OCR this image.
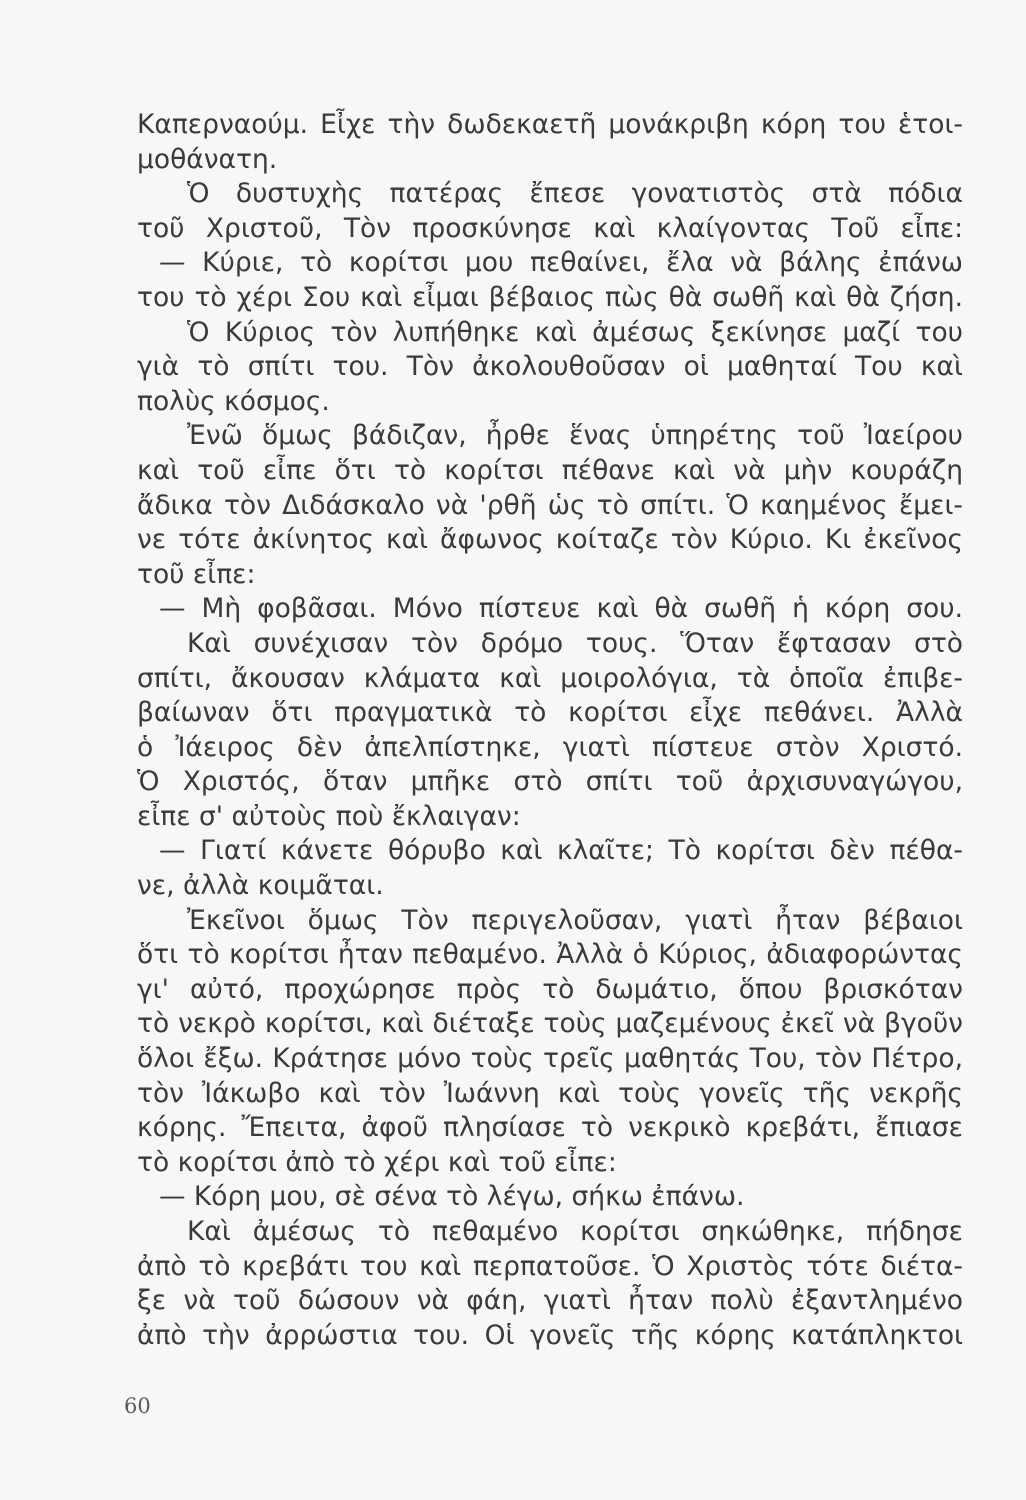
Καπερναούμ. Εἶχε τὴν δωδεκαετῆ μονάκριβη κόρη του ἑτοι-
μοθάνατη.
Ὁ δυστυχὴς πατέρας ἔπεσε γονατιστὸς στὰ πόδια
τοῦ Χριστοῦ, Τὸν προσκύνησε καὶ κλαίγοντας Τοῦ εἶπε:
— Κύριε, τὸ κορίτσι μου πεθαίνει, ἔλα νὰ βάλης ἐπάνω
του τὸ χέρι Σου καὶ εἶμαι βέβαιος πὼς θὰ σωθῆ καὶ θὰ ζήση.
Ὁ Κύριος τὸν λυπήθηκε καὶ ἀμέσως ξεκίνησε μαζί του
γιὰ τὸ σπίτι του. Τὸν ἀκολουθοῦσαν οἱ μαθηταί Του καὶ
πολὺς κόσμος.
Ἐνῶ ὅμως βάδιζαν, ἦρθε ἕνας ὑπηρέτης τοῦ Ἰαείρου
καὶ τοῦ εἶπε ὅτι τὸ κορίτσι πέθανε καὶ νὰ μὴν κουράζη
ἄδικα τὸν Διδάσκαλο νὰ 'ρθῆ ὡς τὸ σπίτι. Ὁ καημένος ἔμει-
νε τότε ἀκίνητος καὶ ἄφωνος κοίταζε τὸν Κύριο. Κι ἐκεῖνος
τοῦ εἶπε:
— Μὴ φοβᾶσαι. Μόνο πίστευε καὶ θὰ σωθῆ ἡ κόρη σου.
Καὶ συνέχισαν τὸν δρόμο τους. Ὅταν ἔφτασαν στὸ
σπίτι, ἄκουσαν κλάματα καὶ μοιρολόγια, τὰ ὁποῖα ἐπιβε-
βαίωναν ὅτι πραγματικὰ τὸ κορίτσι εἶχε πεθάνει. Ἀλλὰ
ὁ Ἰάειρος δὲν ἀπελπίστηκε, γιατὶ πίστευε στὸν Χριστό.
Ὁ Χριστός, ὅταν μπῆκε στὸ σπίτι τοῦ ἀρχισυναγώγου,
εἶπε σ' αὐτοὺς ποὺ ἔκλαιγαν:
— Γιατί κάνετε θόρυβο καὶ κλαῖτε; Τὸ κορίτσι δὲν πέθα-
νε, ἀλλὰ κοιμᾶται.
Ἐκεῖνοι ὅμως Τὸν περιγελοῦσαν, γιατὶ ἦταν βέβαιοι
ὅτι τὸ κορίτσι ἦταν πεθαμένο. Ἀλλὰ ὁ Κύριος, ἀδιαφορώντας
γι' αὐτό, προχώρησε πρὸς τὸ δωμάτιο, ὅπου βρισκόταν
τὸ νεκρὸ κορίτσι, καὶ διέταξε τοὺς μαζεμένους ἐκεῖ νὰ βγοῦν
ὅλοι ἔξω. Κράτησε μόνο τοὺς τρεῖς μαθητάς Του, τὸν Πέτρο,
τὸν Ἰάκωβο καὶ τὸν Ἰωάννη καὶ τοὺς γονεῖς τῆς νεκρῆς
κόρης. Ἔπειτα, ἀφοῦ πλησίασε τὸ νεκρικὸ κρεβάτι, ἔπιασε
τὸ κορίτσι ἀπὸ τὸ χέρι καὶ τοῦ εἶπε:
— Κόρη μου, σὲ σένα τὸ λέγω, σήκω ἐπάνω.
Καὶ ἀμέσως τὸ πεθαμένο κορίτσι σηκώθηκε, πήδησε
ἀπὸ τὸ κρεβάτι του καὶ περπατοῦσε. Ὁ Χριστὸς τότε διέτα-
ξε νὰ τοῦ δώσουν νὰ φάη, γιατὶ ἦταν πολὺ ἐξαντλημένο
ἀπὸ τὴν ἀρρώστια του. Οἱ γονεῖς τῆς κόρης κατάπληκτοι
60
